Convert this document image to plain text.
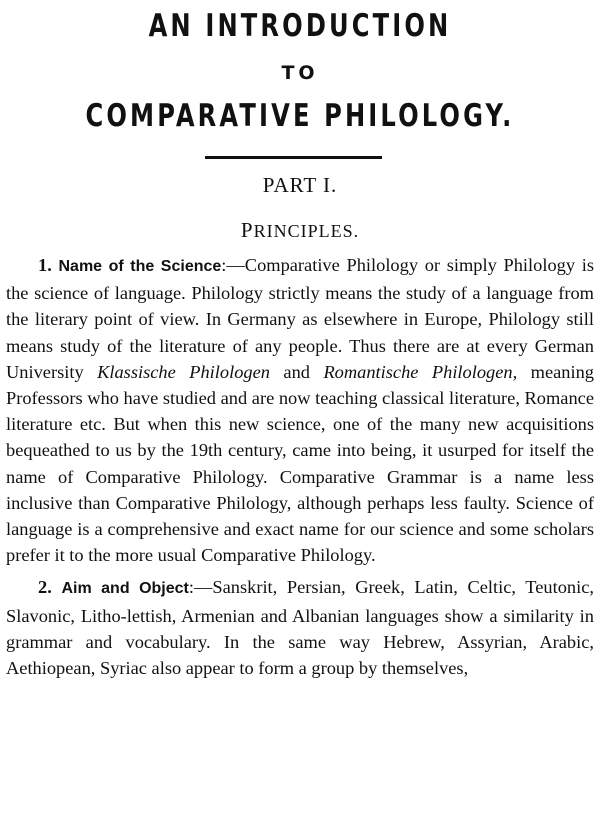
AN INTRODUCTION
TO
COMPARATIVE PHILOLOGY.
PART I.
PRINCIPLES.

1. Name of the Science:—Comparative Philology or simply Philology is the science of language. Philology strictly means the study of a language from the literary point of view. In Germany as elsewhere in Europe, Philology still means study of the literature of any people. Thus there are at every German University Klassische Philologen and Romantische Philologen, meaning Professors who have studied and are now teaching classical literature, Romance literature etc. But when this new science, one of the many new acquisitions bequeathed to us by the 19th century, came into being, it usurped for itself the name of Comparative Philology. Comparative Grammar is a name less inclusive than Comparative Philology, although perhaps less faulty. Science of language is a comprehensive and exact name for our science and some scholars prefer it to the more usual Comparative Philology.

2. Aim and Object:—Sanskrit, Persian, Greek, Latin, Celtic, Teutonic, Slavonic, Litho-lettish, Armenian and Albanian languages show a similarity in grammar and vocabulary. In the same way Hebrew, Assyrian, Arabic, Aethiopean, Syriac also appear to form a group by themselves,
